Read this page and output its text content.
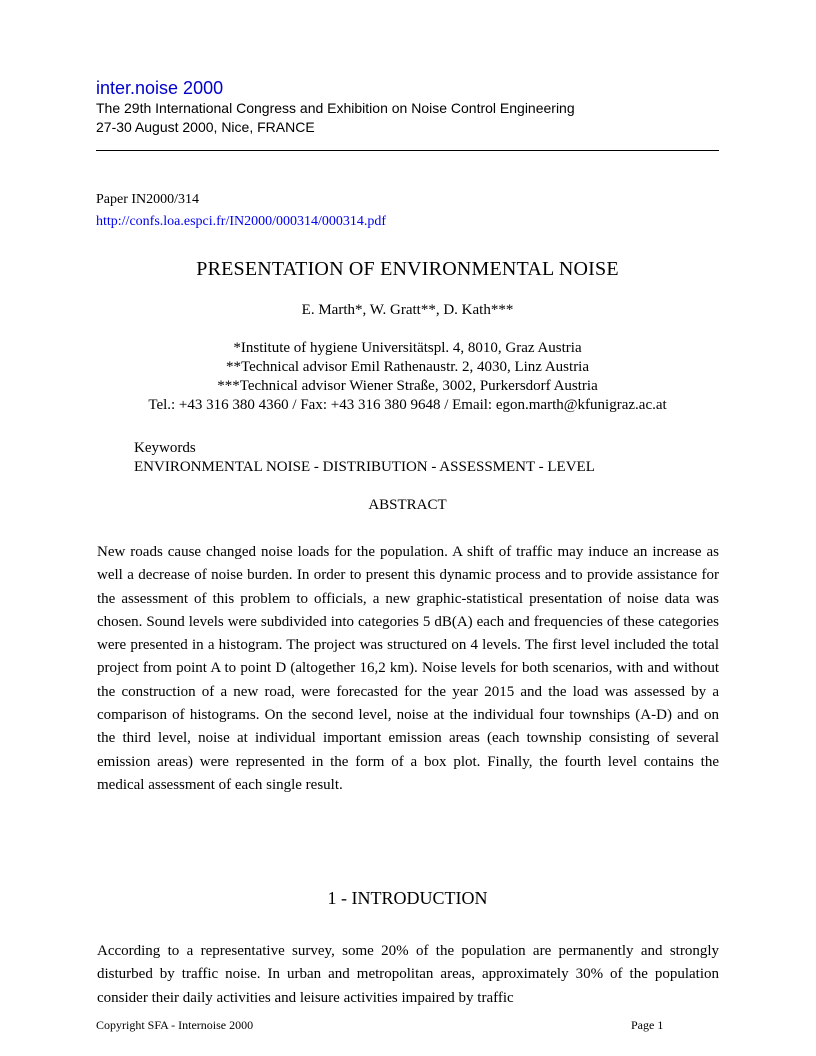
inter.noise 2000
The 29th International Congress and Exhibition on Noise Control Engineering
27-30 August 2000, Nice, FRANCE
Paper IN2000/314
http://confs.loa.espci.fr/IN2000/000314/000314.pdf
PRESENTATION OF ENVIRONMENTAL NOISE
E. Marth*, W. Gratt**, D. Kath***
*Institute of hygiene Universitätspl. 4, 8010, Graz Austria
**Technical advisor Emil Rathenaustr. 2, 4030, Linz Austria
***Technical advisor Wiener Straße, 3002, Purkersdorf Austria
Tel.: +43 316 380 4360 / Fax: +43 316 380 9648 / Email: egon.marth@kfunigraz.ac.at
Keywords
ENVIRONMENTAL NOISE - DISTRIBUTION - ASSESSMENT - LEVEL
ABSTRACT

New roads cause changed noise loads for the population. A shift of traffic may induce an increase as well a decrease of noise burden. In order to present this dynamic process and to provide assistance for the assessment of this problem to officials, a new graphic-statistical presentation of noise data was chosen. Sound levels were subdivided into categories 5 dB(A) each and frequencies of these categories were presented in a histogram. The project was structured on 4 levels. The first level included the total project from point A to point D (altogether 16,2 km). Noise levels for both scenarios, with and without the construction of a new road, were forecasted for the year 2015 and the load was assessed by a comparison of histograms. On the second level, noise at the individual four townships (A-D) and on the third level, noise at individual important emission areas (each township consisting of several emission areas) were represented in the form of a box plot. Finally, the fourth level contains the medical assessment of each single result.

1 - INTRODUCTION

According to a representative survey, some 20% of the population are permanently and strongly disturbed by traffic noise. In urban and metropolitan areas, approximately 30% of the population consider their daily activities and leisure activities impaired by traffic

Copyright SFA - Internoise 2000	Page 1
